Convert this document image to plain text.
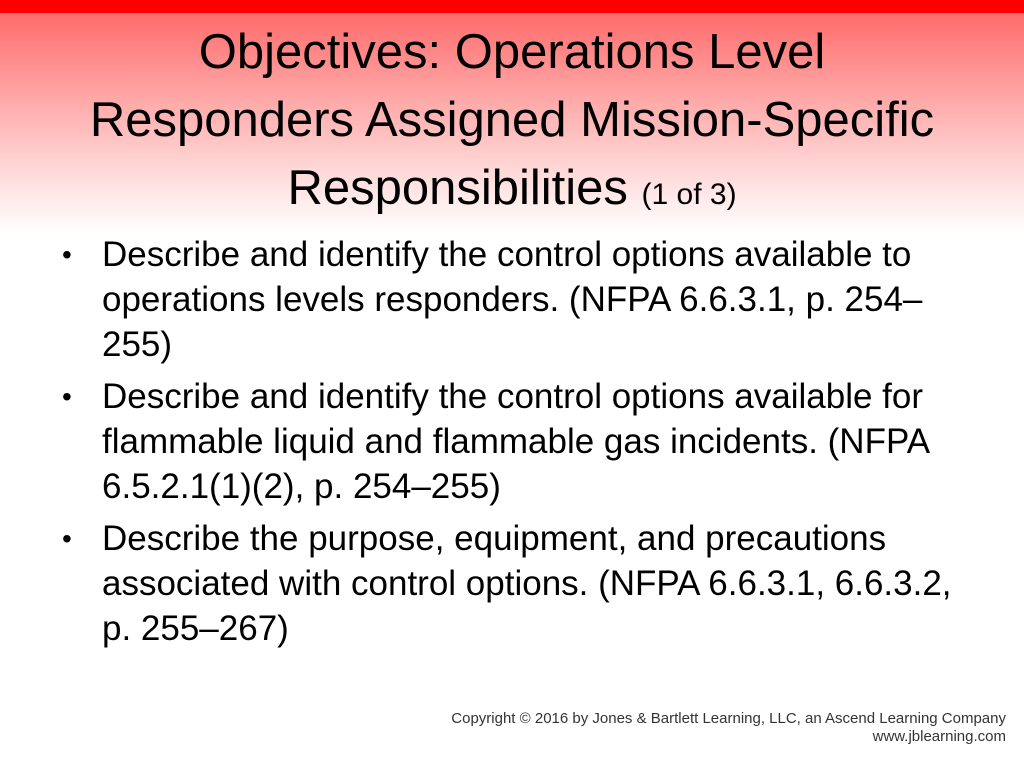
Objectives: Operations Level Responders Assigned Mission-Specific Responsibilities (1 of 3)
• Describe and identify the control options available to operations levels responders. (NFPA 6.6.3.1, p. 254–255)
• Describe and identify the control options available for flammable liquid and flammable gas incidents. (NFPA 6.5.2.1(1)(2), p. 254–255)
• Describe the purpose, equipment, and precautions associated with control options. (NFPA 6.6.3.1, 6.6.3.2, p. 255–267)
Copyright © 2016 by Jones & Bartlett Learning, LLC, an Ascend Learning Company
www.jblearning.com
